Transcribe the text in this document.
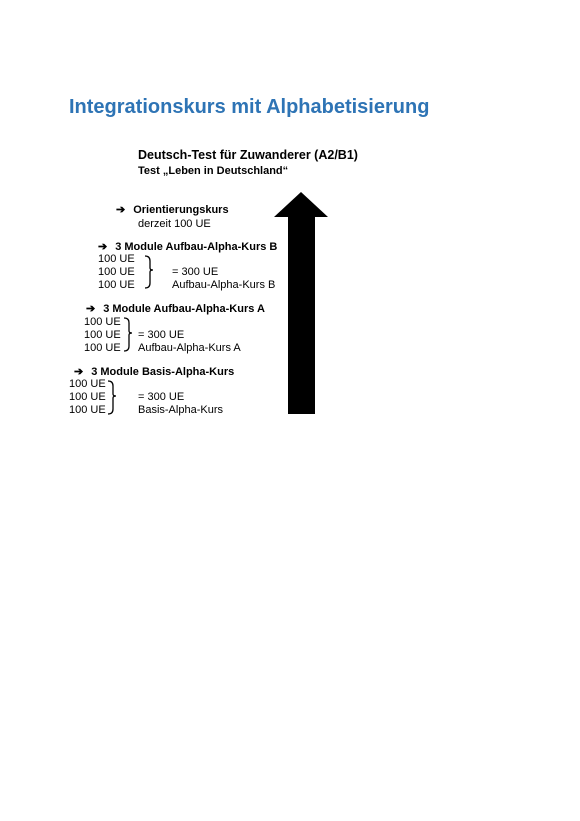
Integrationskurs mit Alphabetisierung
Deutsch-Test für Zuwanderer (A2/B1)
Test „Leben in Deutschland“
➔ Orientierungskurs
derzeit 100 UE
➔ 3 Module Aufbau-Alpha-Kurs B
100 UE
100 UE
100 UE
= 300 UE
Aufbau-Alpha-Kurs B
➔ 3 Module Aufbau-Alpha-Kurs A
100 UE
100 UE
100 UE
= 300 UE
Aufbau-Alpha-Kurs A
➔ 3 Module Basis-Alpha-Kurs
100 UE
100 UE
100 UE
= 300 UE
Basis-Alpha-Kurs
